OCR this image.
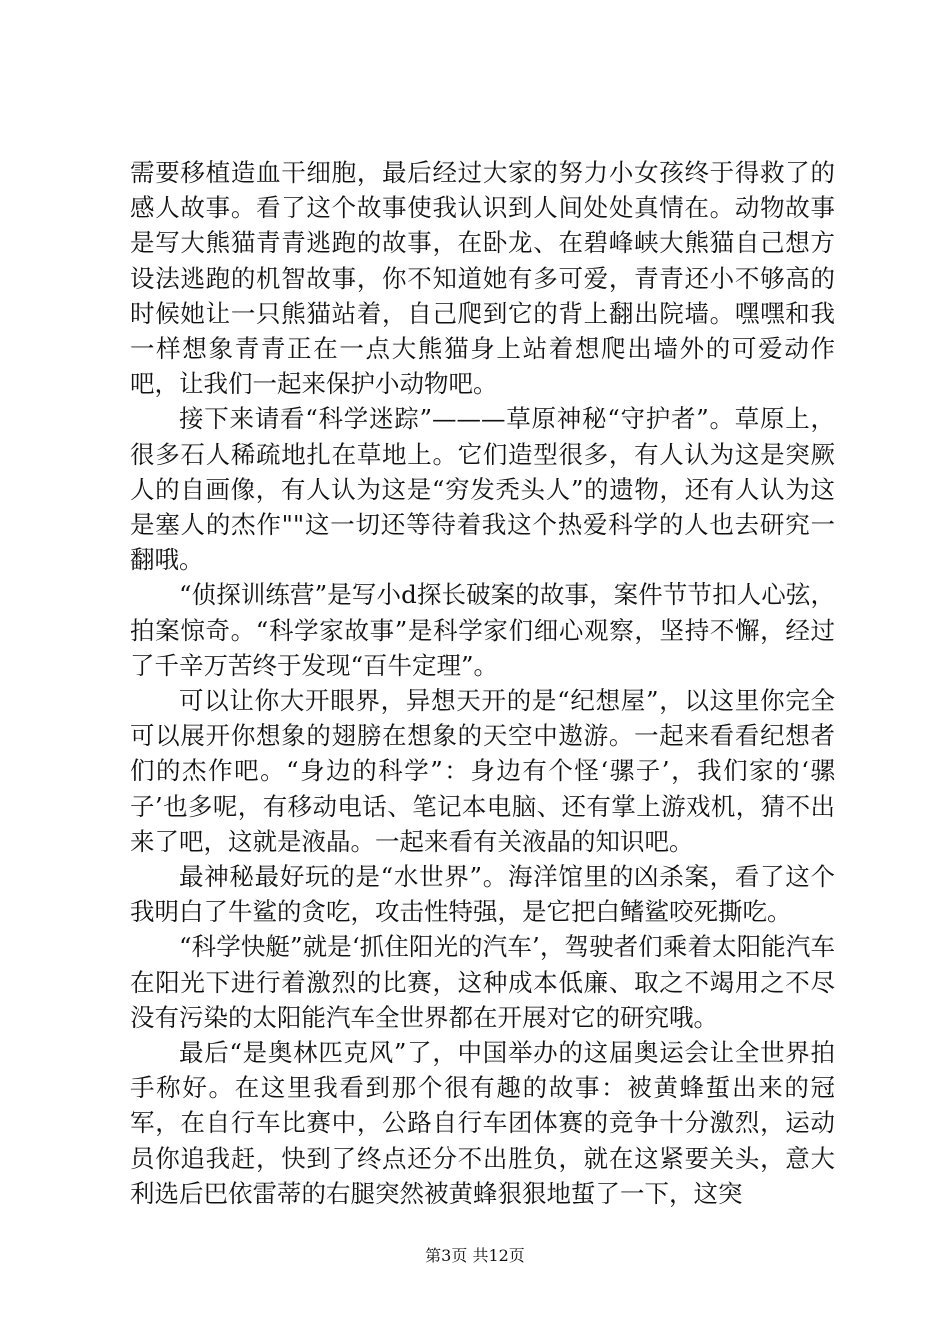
需要移植造血干细胞，最后经过大家的努力小女孩终于得救了的感人故事。看了这个故事使我认识到人间处处真情在。动物故事是写大熊猫青青逃跑的故事，在卧龙、在碧峰峡大熊猫自己想方设法逃跑的机智故事，你不知道她有多可爱，青青还小不够高的时候她让一只熊猫站着，自己爬到它的背上翻出院墙。嘿嘿和我一样想象青青正在一点大熊猫身上站着想爬出墙外的可爱动作吧，让我们一起来保护小动物吧。

接下来请看“科学迷踪”———草原神秘“守护者”。草原上，很多石人稀疏地扎在草地上。它们造型很多，有人认为这是突厥人的自画像，有人认为这是“穷发秃头人”的遗物，还有人认为这是塞人的杰作""这一切还等待着我这个热爱科学的人也去研究一翻哦。

“侦探训练营”是写小d探长破案的故事，案件节节扣人心弦，拍案惊奇。“科学家故事”是科学家们细心观察，坚持不懈，经过了千辛万苦终于发现“百牛定理”。

可以让你大开眼界，异想天开的是“纪想屋”，以这里你完全可以展开你想象的翅膀在想象的天空中遨游。一起来看看纪想者们的杰作吧。“身边的科学”：身边有个怪‘骡子’，我们家的‘骡子’也多呢，有移动电话、笔记本电脑、还有掌上游戏机，猜不出来了吧，这就是液晶。一起来看有关液晶的知识吧。

最神秘最好玩的是“水世界”。海洋馆里的凶杀案，看了这个我明白了牛鲨的贪吃，攻击性特强，是它把白鳍鲨咬死撕吃。

“科学快艇”就是‘抓住阳光的汽车’，驾驶者们乘着太阳能汽车在阳光下进行着激烈的比赛，这种成本低廉、取之不竭用之不尽没有污染的太阳能汽车全世界都在开展对它的研究哦。

最后“是奥林匹克风”了，中国举办的这届奥运会让全世界拍手称好。在这里我看到那个很有趣的故事：被黄蜂蜇出来的冠军，在自行车比赛中，公路自行车团体赛的竞争十分激烈，运动员你追我赶，快到了终点还分不出胜负，就在这紧要关头，意大利选后巴依雷蒂的右腿突然被黄蜂狠狠地蜇了一下，这突

第3页 共12页
